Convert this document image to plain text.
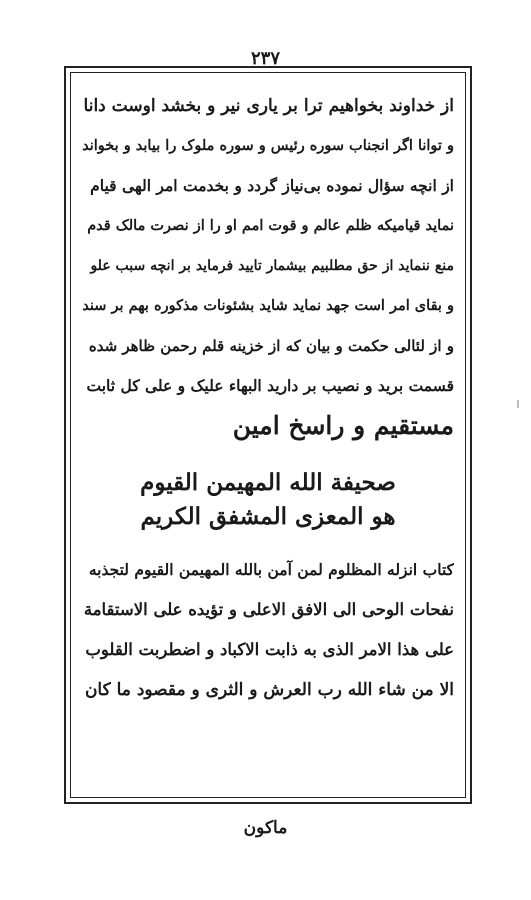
۲۳۷
از خداوند بخواهیم ترا بر یاری نیر و بخشد اوست دانا
و توانا اگر انجناب سوره رئیس و سوره ملوک را بیابد و بخواند
از انچه سؤال نموده بی‌نیاز گردد و بخدمت امر الهی قیام
نماید قیامیکه ظلم عالم و قوت امم او را از نصرت مالک قدم
منع ننماید از حق مطلبیم بیشمار تایید فرماید بر انچه سبب علو
و بقای امر است جهد نماید شاید بشئونات مذکوره بهم بر سند
و از لئالی حکمت و بیان که از خزینه قلم رحمن ظاهر شده
قسمت برید و نصیب بر دارید البهاء علیک و علی کل ثابت
مستقیم و راسخ امین
صحیفة الله المهیمن القیوم
هو المعزی المشفق الکریم
کتاب انزله المظلوم لمن آمن بالله المهیمن القیوم لتجذبه
نفحات الوحی الی الافق الاعلی و تؤیده علی الاستقامة
علی هذا الامر الذی به ذابت الاکباد و اضطربت القلوب
الا من شاء الله رب العرش و الثری و مقصود ما کان
ماکون
